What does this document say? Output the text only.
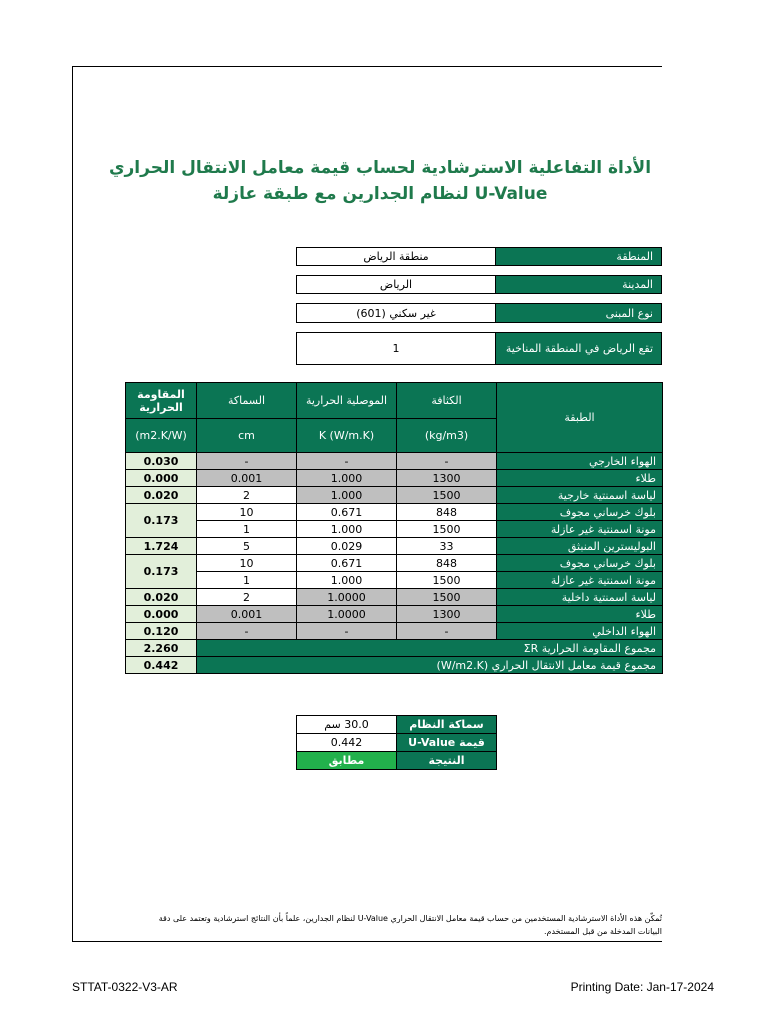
الأداة التفاعلية الاسترشادية لحساب قيمة معامل الانتقال الحراري
U-Value لنظام الجدارين مع طبقة عازلة
المنطقة
منطقة الرياض
المدينة
الرياض
نوع المبنى
غير سكني (601)
تقع الرياض في المنطقة المناخية
1
المقاومة الحرارية	السماكة	الموصلية الحرارية	الكثافة	الطبقة
(m2.K/W)	cm	K (W/m.K)	(kg/m3)	
0.030	-	-	-	الهواء الخارجي
0.000	0.001	1.000	1300	طلاء
0.020	2	1.000	1500	لياسة اسمنتية خارجية
0.173	10	0.671	848	بلوك خرساني مجوف
	1	1.000	1500	مونة اسمنتية غير عازلة
1.724	5	0.029	33	البوليسترين المنبثق
0.173	10	0.671	848	بلوك خرساني مجوف
	1	1.000	1500	مونة اسمنتية غير عازلة
0.020	2	1.0000	1500	لياسة اسمنتية داخلية
0.000	0.001	1.0000	1300	طلاء
0.120	-	-	-	الهواء الداخلي
2.260	مجموع المقاومة الحرارية ΣR			
0.442	مجموع قيمة معامل الانتقال الحراري (W/m2.K)			
30.0 سم	سماكة النظام
0.442	قيمة U-Value
مطابق	النتيجة
تُمكّن هذه الأداة الاسترشادية المستخدمين من حساب قيمة معامل الانتقال الحراري U-Value لنظام الجدارين، علماً بأن النتائج استرشادية وتعتمد على دقة
البيانات المدخلة من قبل المستخدم.
STTAT-0322-V3-AR	Printing Date: Jan-17-2024
